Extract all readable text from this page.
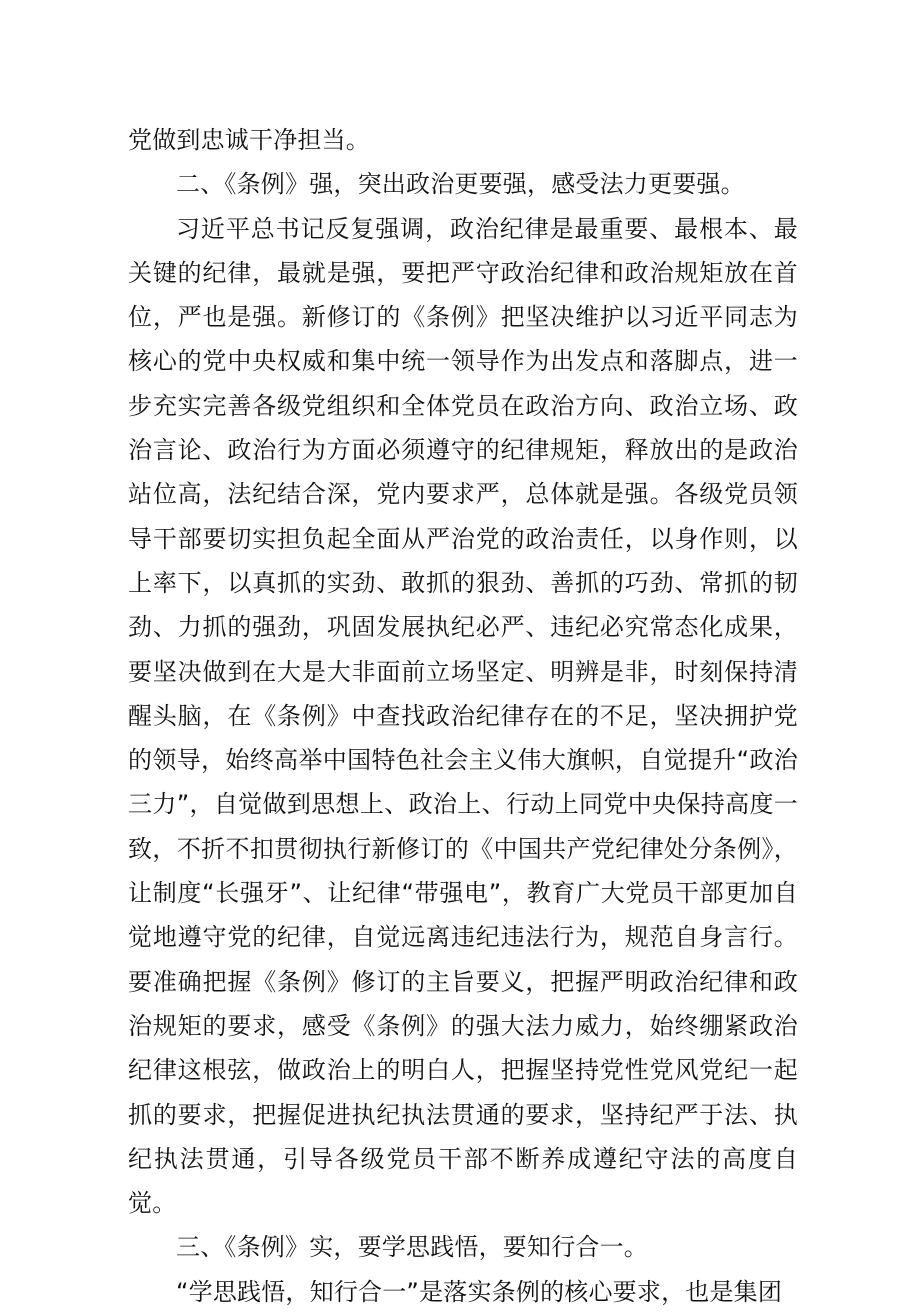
党做到忠诚干净担当。

二、《条例》强，突出政治更要强，感受法力更要强。

习近平总书记反复强调，政治纪律是最重要、最根本、最关键的纪律，最就是强，要把严守政治纪律和政治规矩放在首位，严也是强。新修订的《条例》把坚决维护以习近平同志为核心的党中央权威和集中统一领导作为出发点和落脚点，进一步充实完善各级党组织和全体党员在政治方向、政治立场、政治言论、政治行为方面必须遵守的纪律规矩，释放出的是政治站位高，法纪结合深，党内要求严，总体就是强。各级党员领导干部要切实担负起全面从严治党的政治责任，以身作则，以上率下，以真抓的实劲、敢抓的狠劲、善抓的巧劲、常抓的韧劲、力抓的强劲，巩固发展执纪必严、违纪必究常态化成果，要坚决做到在大是大非面前立场坚定、明辨是非，时刻保持清醒头脑，在《条例》中查找政治纪律存在的不足，坚决拥护党的领导，始终高举中国特色社会主义伟大旗帜，自觉提升“政治三力”，自觉做到思想上、政治上、行动上同党中央保持高度一致，不折不扣贯彻执行新修订的《中国共产党纪律处分条例》，让制度“长强牙”、让纪律“带强电”，教育广大党员干部更加自觉地遵守党的纪律，自觉远离违纪违法行为，规范自身言行。要准确把握《条例》修订的主旨要义，把握严明政治纪律和政治规矩的要求，感受《条例》的强大法力威力，始终绷紧政治纪律这根弦，做政治上的明白人，把握坚持党性党风党纪一起抓的要求，把握促进执纪执法贯通的要求，坚持纪严于法、执纪执法贯通，引导各级党员干部不断养成遵纪守法的高度自觉。

三、《条例》实，要学思践悟，要知行合一。

“学思践悟，知行合一”是落实条例的核心要求，也是集团
